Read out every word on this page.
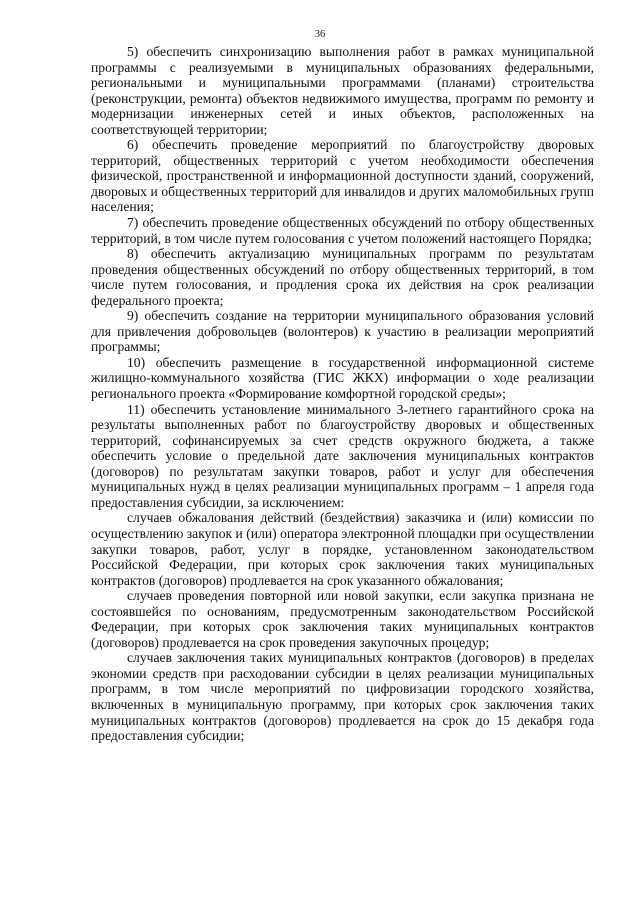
36

5) обеспечить синхронизацию выполнения работ в рамках муниципальной программы с реализуемыми в муниципальных образованиях федеральными, региональными и муниципальными программами (планами) строительства (реконструкции, ремонта) объектов недвижимого имущества, программ по ремонту и модернизации инженерных сетей и иных объектов, расположенных на соответствующей территории;

6) обеспечить проведение мероприятий по благоустройству дворовых территорий, общественных территорий с учетом необходимости обеспечения физической, пространственной и информационной доступности зданий, сооружений, дворовых и общественных территорий для инвалидов и других маломобильных групп населения;

7) обеспечить проведение общественных обсуждений по отбору общественных территорий, в том числе путем голосования с учетом положений настоящего Порядка;

8) обеспечить актуализацию муниципальных программ по результатам проведения общественных обсуждений по отбору общественных территорий, в том числе путем голосования, и продления срока их действия на срок реализации федерального проекта;

9) обеспечить создание на территории муниципального образования условий для привлечения добровольцев (волонтеров) к участию в реализации мероприятий программы;

10) обеспечить размещение в государственной информационной системе жилищно-коммунального хозяйства (ГИС ЖКХ) информации о ходе реализации регионального проекта «Формирование комфортной городской среды»;

11) обеспечить установление минимального 3-летнего гарантийного срока на результаты выполненных работ по благоустройству дворовых и общественных территорий, софинансируемых за счет средств окружного бюджета, а также обеспечить условие о предельной дате заключения муниципальных контрактов (договоров) по результатам закупки товаров, работ и услуг для обеспечения муниципальных нужд в целях реализации муниципальных программ – 1 апреля года предоставления субсидии, за исключением:

случаев обжалования действий (бездействия) заказчика и (или) комиссии по осуществлению закупок и (или) оператора электронной площадки при осуществлении закупки товаров, работ, услуг в порядке, установленном законодательством Российской Федерации, при которых срок заключения таких муниципальных контрактов (договоров) продлевается на срок указанного обжалования;

случаев проведения повторной или новой закупки, если закупка признана не состоявшейся по основаниям, предусмотренным законодательством Российской Федерации, при которых срок заключения таких муниципальных контрактов (договоров) продлевается на срок проведения закупочных процедур;

случаев заключения таких муниципальных контрактов (договоров) в пределах экономии средств при расходовании субсидии в целях реализации муниципальных программ, в том числе мероприятий по цифровизации городского хозяйства, включенных в муниципальную программу, при которых срок заключения таких муниципальных контрактов (договоров) продлевается на срок до 15 декабря года предоставления субсидии;
